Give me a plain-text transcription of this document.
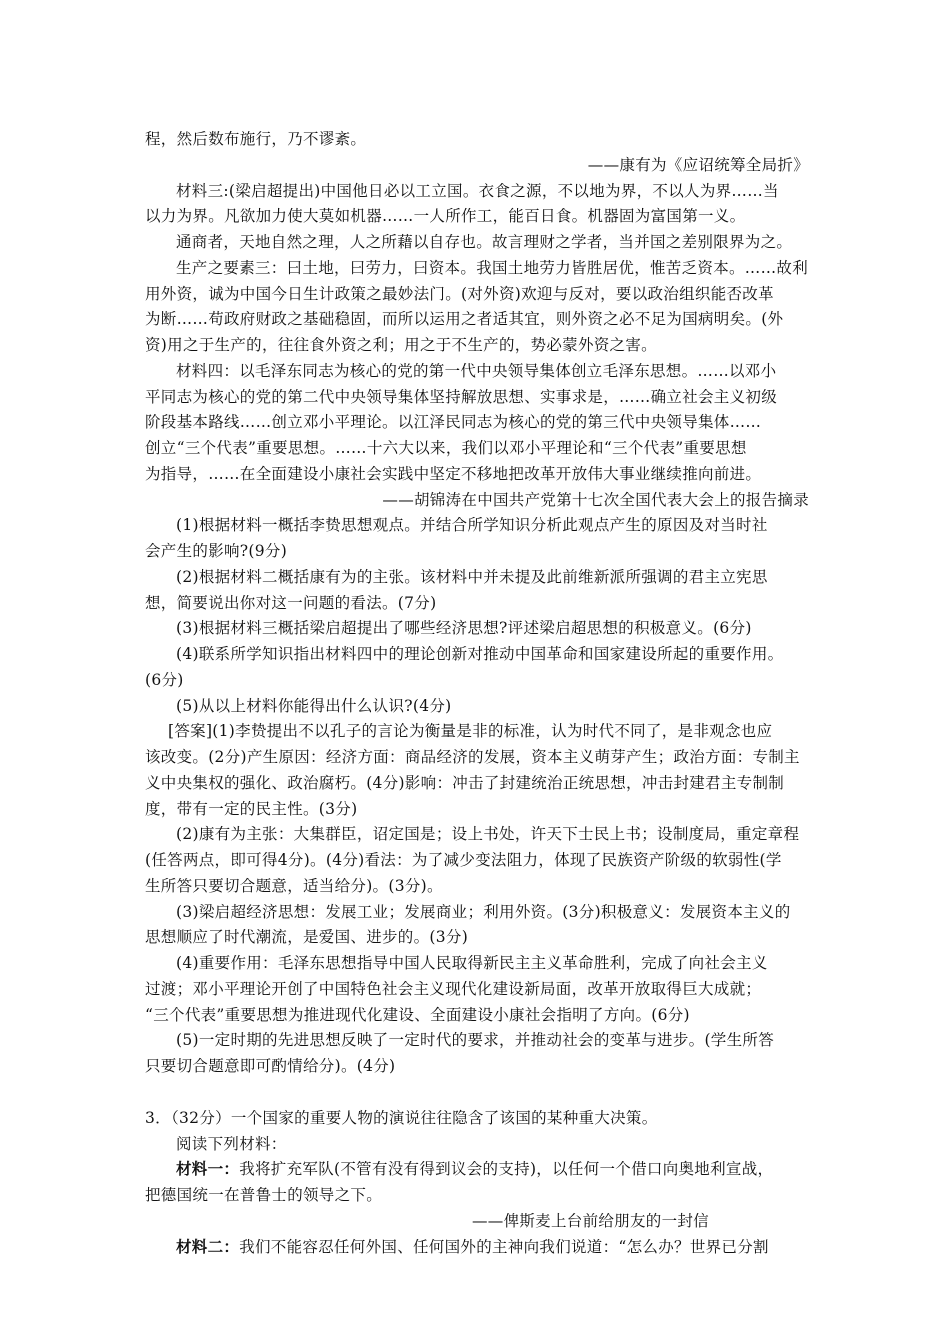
程，然后数布施行，乃不谬紊。
——康有为《应诏统筹全局折》
材料三:(梁启超提出)中国他日必以工立国。衣食之源，不以地为界，不以人为界……当
以力为界。凡欲加力使大莫如机器……一人所作工，能百日食。机器固为富国第一义。
通商者，天地自然之理，人之所藉以自存也。故言理财之学者，当并国之差别限界为之。
生产之要素三：曰土地，曰劳力，曰资本。我国土地劳力皆胜居优，惟苦乏资本。……故利
用外资，诚为中国今日生计政策之最妙法门。(对外资)欢迎与反对，要以政治组织能否改革
为断……苟政府财政之基础稳固，而所以运用之者适其宜，则外资之必不足为国病明矣。(外
资)用之于生产的，往往食外资之利；用之于不生产的，势必蒙外资之害。
材料四：以毛泽东同志为核心的党的第一代中央领导集体创立毛泽东思想。……以邓小
平同志为核心的党的第二代中央领导集体坚持解放思想、实事求是，……确立社会主义初级
阶段基本路线……创立邓小平理论。以江泽民同志为核心的党的第三代中央领导集体……
创立“三个代表”重要思想。……十六大以来，我们以邓小平理论和“三个代表”重要思想
为指导，……在全面建设小康社会实践中坚定不移地把改革开放伟大事业继续推向前进。
——胡锦涛在中国共产党第十七次全国代表大会上的报告摘录
(1)根据材料一概括李贽思想观点。并结合所学知识分析此观点产生的原因及对当时社
会产生的影响?(9分)
(2)根据材料二概括康有为的主张。该材料中并未提及此前维新派所强调的君主立宪思
想，简要说出你对这一问题的看法。(7分)
(3)根据材料三概括梁启超提出了哪些经济思想?评述梁启超思想的积极意义。(6分)
(4)联系所学知识指出材料四中的理论创新对推动中国革命和国家建设所起的重要作用。
(6分)
(5)从以上材料你能得出什么认识?(4分)
[答案](1)李贽提出不以孔子的言论为衡量是非的标准，认为时代不同了，是非观念也应
该改变。(2分)产生原因：经济方面：商品经济的发展，资本主义萌芽产生；政治方面：专制主
义中央集权的强化、政治腐朽。(4分)影响：冲击了封建统治正统思想，冲击封建君主专制制
度，带有一定的民主性。(3分)
(2)康有为主张：大集群臣，诏定国是；设上书处，许天下士民上书；设制度局，重定章程
(任答两点，即可得4分)。(4分)看法：为了减少变法阻力，体现了民族资产阶级的软弱性(学
生所答只要切合题意，适当给分)。(3分)。
(3)梁启超经济思想：发展工业；发展商业；利用外资。(3分)积极意义：发展资本主义的
思想顺应了时代潮流，是爱国、进步的。(3分)
(4)重要作用：毛泽东思想指导中国人民取得新民主主义革命胜利，完成了向社会主义
过渡；邓小平理论开创了中国特色社会主义现代化建设新局面，改革开放取得巨大成就；
“三个代表”重要思想为推进现代化建设、全面建设小康社会指明了方向。(6分)
(5)一定时期的先进思想反映了一定时代的要求，并推动社会的变革与进步。(学生所答
只要切合题意即可酌情给分)。(4分)
3．（32分）一个国家的重要人物的演说往往隐含了该国的某种重大决策。
阅读下列材料：
材料一：我将扩充军队(不管有没有得到议会的支持)，以任何一个借口向奥地利宣战，
把德国统一在普鲁士的领导之下。
——俾斯麦上台前给朋友的一封信
材料二：我们不能容忍任何外国、任何国外的主神向我们说道：“怎么办？世界已分割
